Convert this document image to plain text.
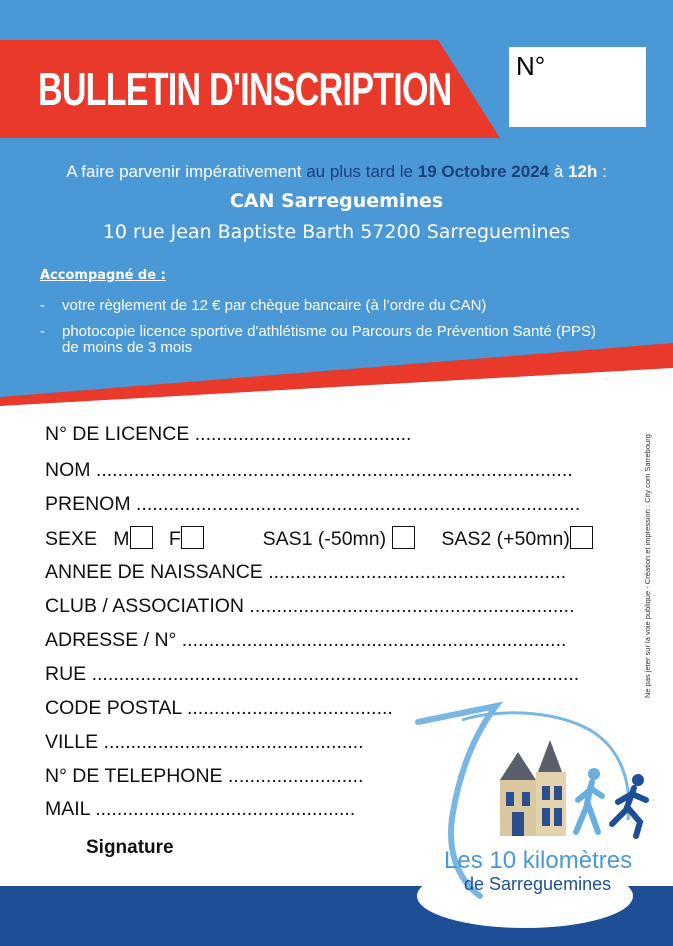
BULLETIN D'INSCRIPTION N°
A faire parvenir impérativement au plus tard le 19 Octobre 2024 à 12h :
CAN Sarreguemines
10 rue Jean Baptiste Barth 57200 Sarreguemines
Accompagné de :
- votre règlement de 12 € par chèque bancaire (à l’ordre du CAN)
- photocopie licence sportive d'athlétisme ou Parcours de Prévention Santé (PPS) de moins de 3 mois
N° DE LICENCE ........................................
NOM ........................................................................................
PRENOM ..................................................................................
SEXE M F	SAS1 (-50mn)	SAS2 (+50mn)
ANNEE DE NAISSANCE .......................................................
CLUB / ASSOCIATION ............................................................
ADRESSE / N° .......................................................................
RUE ..........................................................................................
CODE POSTAL ......................................
VILLE ................................................
N° DE TELEPHONE .........................
MAIL ................................................
Signature
Ne pas jeter sur la voie publique - Création et impression : City com Sarrebourg
Les 10 kilomètres
de Sarreguemines
